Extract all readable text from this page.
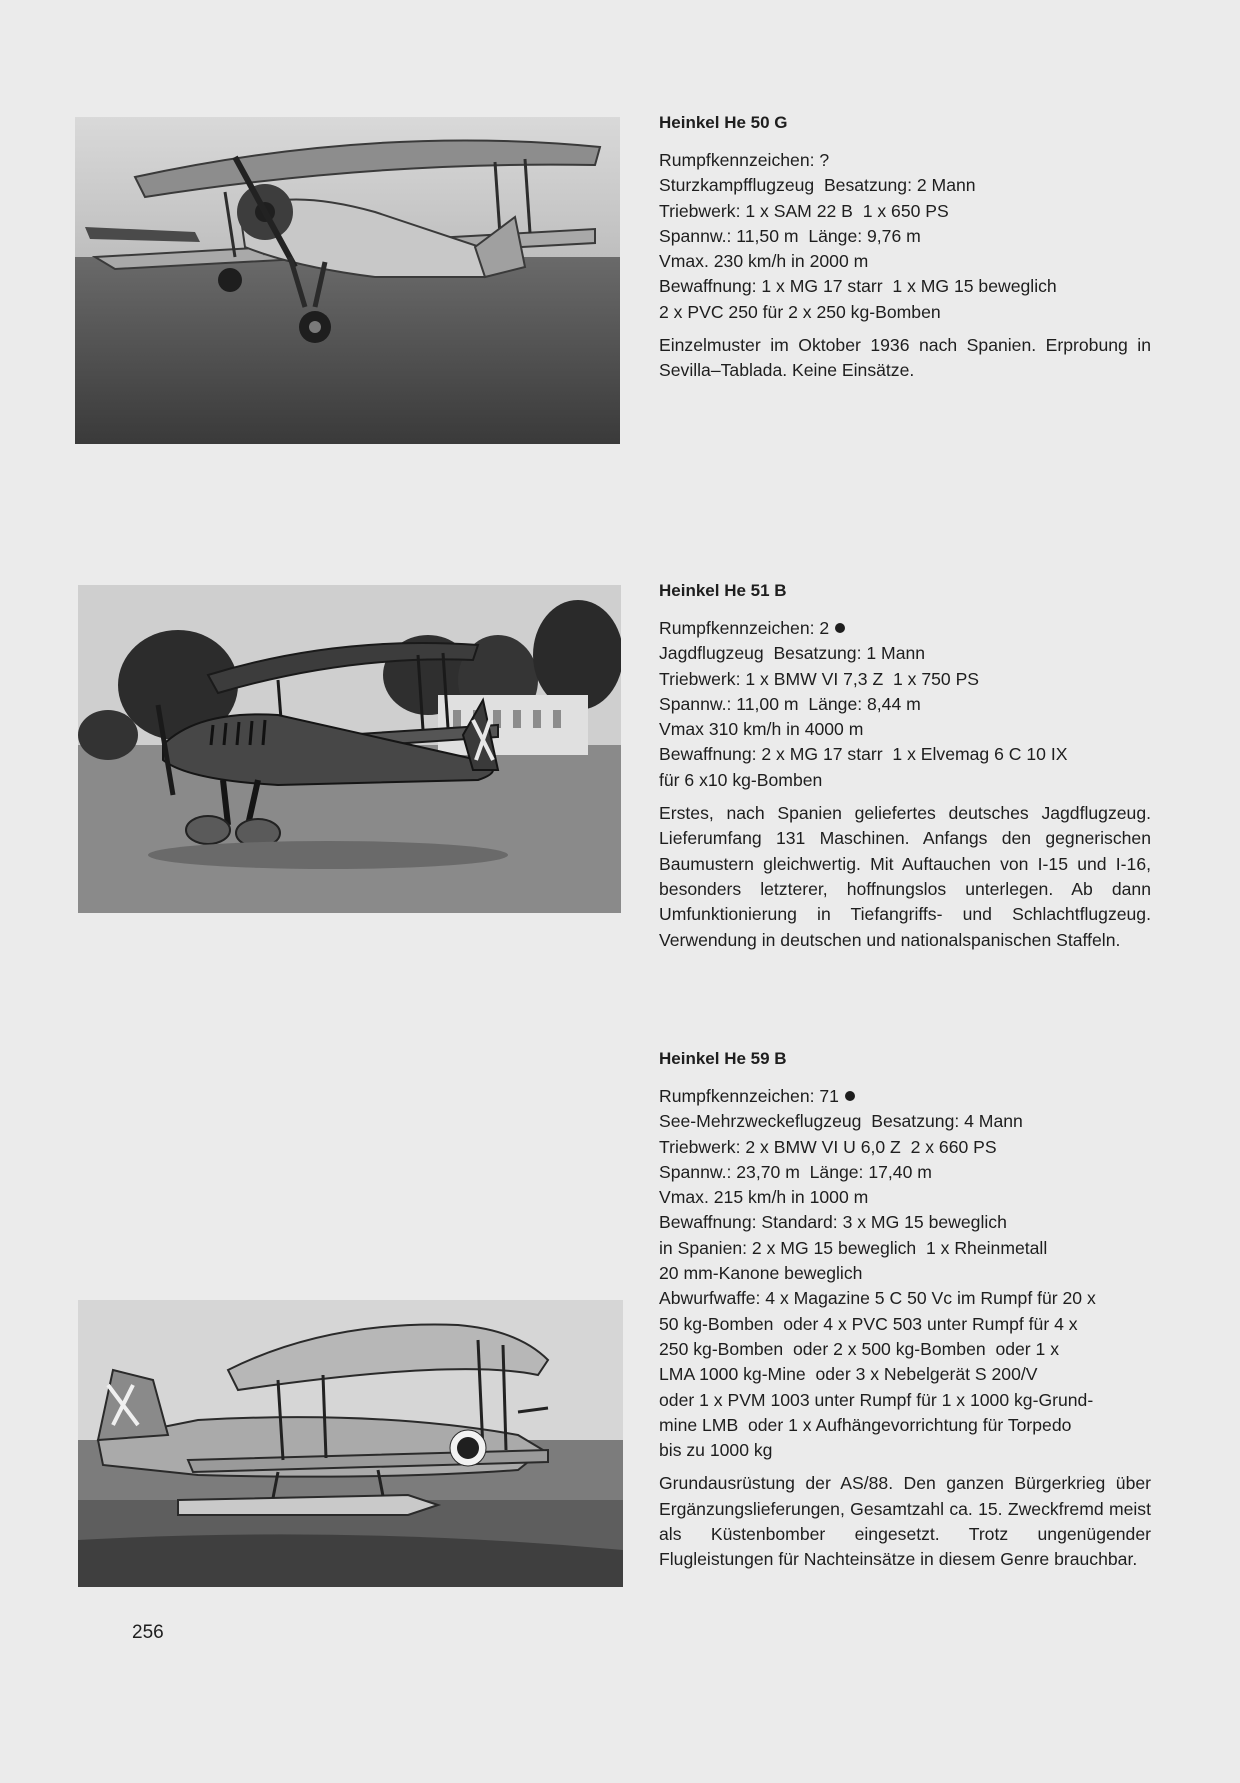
Heinkel He 50 G
Rumpfkennzeichen: ?
Sturzkampfflugzeug  Besatzung: 2 Mann
Triebwerk: 1 x SAM 22 B  1 x 650 PS
Spannw.: 11,50 m  Länge: 9,76 m
Vmax. 230 km/h in 2000 m
Bewaffnung: 1 x MG 17 starr  1 x MG 15 beweglich
2 x PVC 250 für 2 x 250 kg-Bomben

Einzelmuster im Oktober 1936 nach Spanien. Erprobung in Sevilla–Tablada. Keine Einsätze.

Heinkel He 51 B
Rumpfkennzeichen: 2
Jagdflugzeug  Besatzung: 1 Mann
Triebwerk: 1 x BMW VI 7,3 Z  1 x 750 PS
Spannw.: 11,00 m  Länge: 8,44 m
Vmax 310 km/h in 4000 m
Bewaffnung: 2 x MG 17 starr  1 x Elvemag 6 C 10 IX
für 6 x10 kg-Bomben

Erstes, nach Spanien geliefertes deutsches Jagdflugzeug. Lieferumfang 131 Maschinen. Anfangs den gegnerischen Baumustern gleichwertig. Mit Auftauchen von I-15 und I-16, besonders letzterer, hoffnungslos unterlegen. Ab dann Umfunktionierung in Tiefangriffs- und Schlachtflugzeug. Verwendung in deutschen und nationalspanischen Staffeln.

Heinkel He 59 B
Rumpfkennzeichen: 71
See-Mehrzweckeflugzeug  Besatzung: 4 Mann
Triebwerk: 2 x BMW VI U 6,0 Z  2 x 660 PS
Spannw.: 23,70 m  Länge: 17,40 m
Vmax. 215 km/h in 1000 m
Bewaffnung: Standard: 3 x MG 15 beweglich
in Spanien: 2 x MG 15 beweglich  1 x Rheinmetall
20 mm-Kanone beweglich
Abwurfwaffe: 4 x Magazine 5 C 50 Vc im Rumpf für 20 x
50 kg-Bomben  oder 4 x PVC 503 unter Rumpf für 4 x
250 kg-Bomben  oder 2 x 500 kg-Bomben  oder 1 x
LMA 1000 kg-Mine  oder 3 x Nebelgerät S 200/V
oder 1 x PVM 1003 unter Rumpf für 1 x 1000 kg-Grund-
mine LMB  oder 1 x Aufhängevorrichtung für Torpedo
bis zu 1000 kg

Grundausrüstung der AS/88. Den ganzen Bürgerkrieg über Ergänzungslieferungen, Gesamtzahl ca. 15. Zweckfremd meist als Küstenbomber eingesetzt. Trotz ungenügender Flugleistungen für Nachteinsätze in diesem Genre brauchbar.

256
